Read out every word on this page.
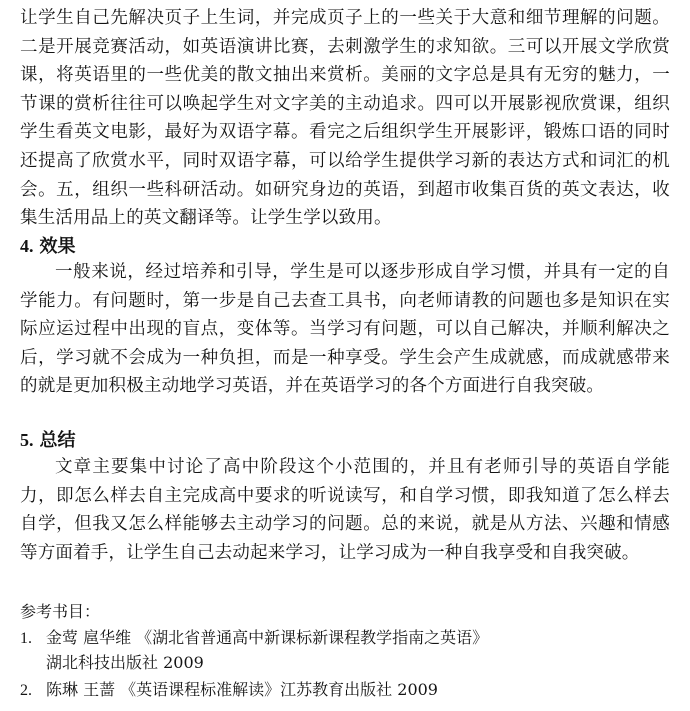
让学生自己先解决页子上生词，并完成页子上的一些关于大意和细节理解的问题。二是开展竞赛活动，如英语演讲比赛，去刺激学生的求知欲。三可以开展文学欣赏课，将英语里的一些优美的散文抽出来赏析。美丽的文字总是具有无穷的魅力，一节课的赏析往往可以唤起学生对文字美的主动追求。四可以开展影视欣赏课，组织学生看英文电影，最好为双语字幕。看完之后组织学生开展影评，锻炼口语的同时还提高了欣赏水平，同时双语字幕，可以给学生提供学习新的表达方式和词汇的机会。五，组织一些科研活动。如研究身边的英语，到超市收集百货的英文表达，收集生活用品上的英文翻译等。让学生学以致用。

4. 效果

一般来说，经过培养和引导，学生是可以逐步形成自学习惯，并具有一定的自学能力。有问题时，第一步是自己去查工具书，向老师请教的问题也多是知识在实际应运过程中出现的盲点，变体等。当学习有问题，可以自己解决，并顺利解决之后，学习就不会成为一种负担，而是一种享受。学生会产生成就感，而成就感带来的就是更加积极主动地学习英语，并在英语学习的各个方面进行自我突破。

5. 总结

文章主要集中讨论了高中阶段这个小范围的，并且有老师引导的英语自学能力，即怎么样去自主完成高中要求的听说读写，和自学习惯，即我知道了怎么样去自学，但我又怎么样能够去主动学习的问题。总的来说，就是从方法、兴趣和情感等方面着手，让学生自己去动起来学习，让学习成为一种自我享受和自我突破。

参考书目：

1. 金莺 扈华维 《湖北省普通高中新课标新课程教学指南之英语》
湖北科技出版社 2009

2. 陈琳 王蔷 《英语课程标准解读》江苏教育出版社 2009
